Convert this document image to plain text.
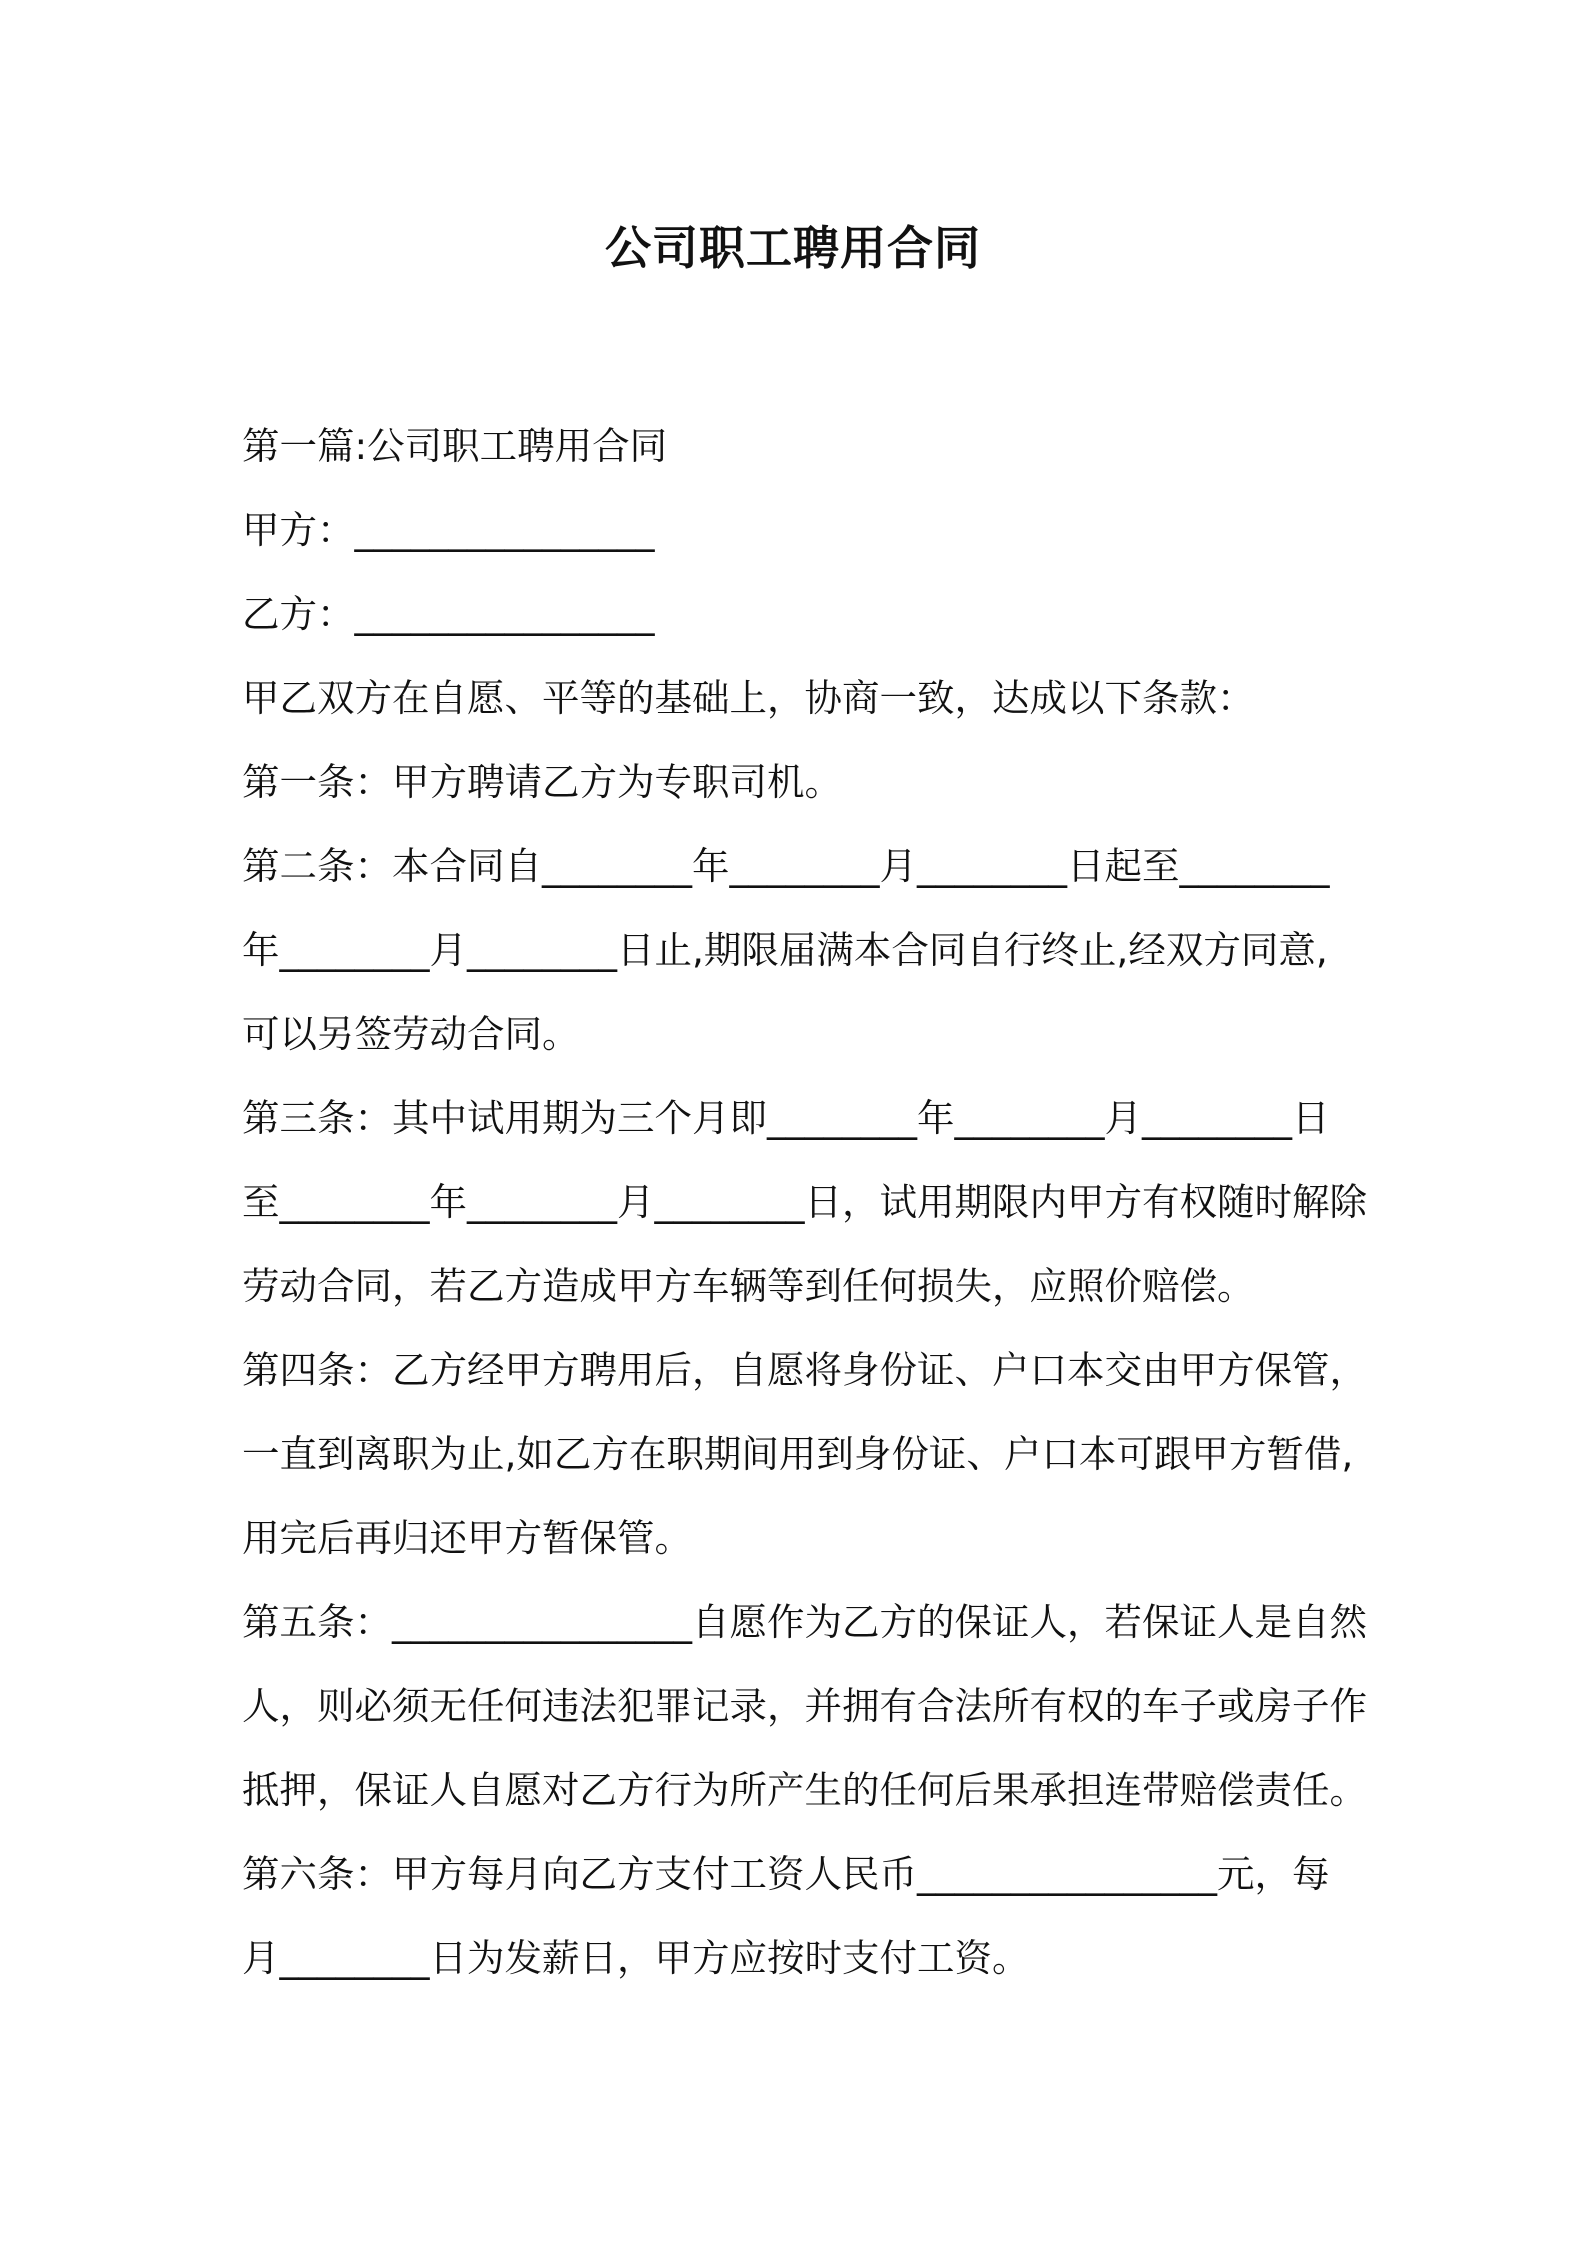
公司职工聘用合同
第一篇:公司职工聘用合同
甲方：________________
乙方：________________
甲乙双方在自愿、平等的基础上，协商一致，达成以下条款：
第一条：甲方聘请乙方为专职司机。
第二条：本合同自________年________月________日起至________
年________月________日止,期限届满本合同自行终止,经双方同意,
可以另签劳动合同。
第三条：其中试用期为三个月即________年________月________日
至________年________月________日，试用期限内甲方有权随时解除
劳动合同，若乙方造成甲方车辆等到任何损失，应照价赔偿。
第四条：乙方经甲方聘用后，自愿将身份证、户口本交由甲方保管，
一直到离职为止,如乙方在职期间用到身份证、户口本可跟甲方暂借,
用完后再归还甲方暂保管。
第五条：________________自愿作为乙方的保证人，若保证人是自然
人，则必须无任何违法犯罪记录，并拥有合法所有权的车子或房子作
抵押，保证人自愿对乙方行为所产生的任何后果承担连带赔偿责任。
第六条：甲方每月向乙方支付工资人民币________________元，每
月________日为发薪日，甲方应按时支付工资。
